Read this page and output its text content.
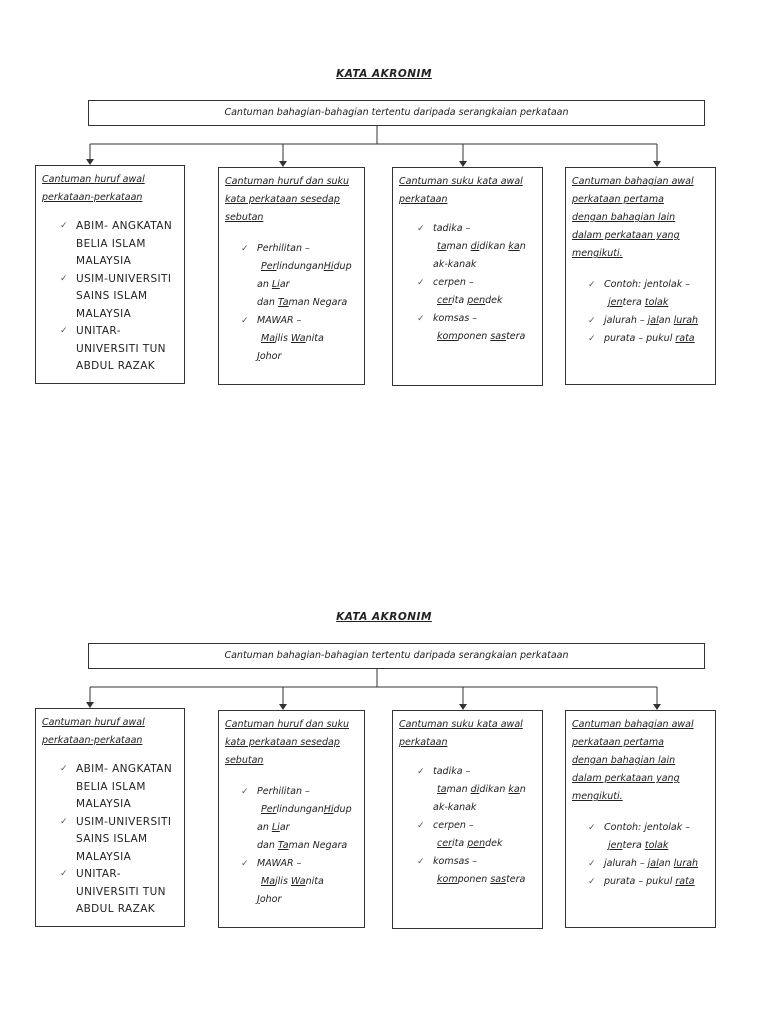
KATA AKRONIM
Cantuman bahagian-bahagian tertentu daripada serangkaian perkataan
Cantuman huruf awal
perkataan-perkataan
✓ ABIM- ANGKATAN BELIA ISLAM MALAYSIA
✓ USIM-UNIVERSITI SAINS ISLAM MALAYSIA
✓ UNITAR- UNIVERSITI TUN ABDUL RAZAK
Cantuman huruf dan suku
kata perkataan sesedap
sebutan
✓ Perhilitan –

PerlindunganHidup
an Liar
dan Taman Negara
✓ MAWAR –

Majlis Wanita
Johor
Cantuman suku kata awal
perkataan
✓ tadika –

taman didikan kan
ak-kanak
✓ cerpen –

cerita pendek
✓ komsas –

komponen sastera
Cantuman bahagian awal
perkataan pertama
dengan bahagian lain
dalam perkataan yang
mengikuti.
✓ Contoh: jentolak –

jentera tolak
✓ jalurah – jalan lurah
✓ purata – pukul rata
KATA AKRONIM
Cantuman bahagian-bahagian tertentu daripada serangkaian perkataan
Cantuman huruf awal
perkataan-perkataan
✓ ABIM- ANGKATAN BELIA ISLAM MALAYSIA
✓ USIM-UNIVERSITI SAINS ISLAM MALAYSIA
✓ UNITAR- UNIVERSITI TUN ABDUL RAZAK
Cantuman huruf dan suku
kata perkataan sesedap
sebutan
✓ Perhilitan –

PerlindunganHidup
an Liar
dan Taman Negara
✓ MAWAR –

Majlis Wanita
Johor
Cantuman suku kata awal
perkataan
✓ tadika –

taman didikan kan
ak-kanak
✓ cerpen –

cerita pendek
✓ komsas –

komponen sastera
Cantuman bahagian awal
perkataan pertama
dengan bahagian lain
dalam perkataan yang
mengikuti.
✓ Contoh: jentolak –

jentera tolak
✓ jalurah – jalan lurah
✓ purata – pukul rata
